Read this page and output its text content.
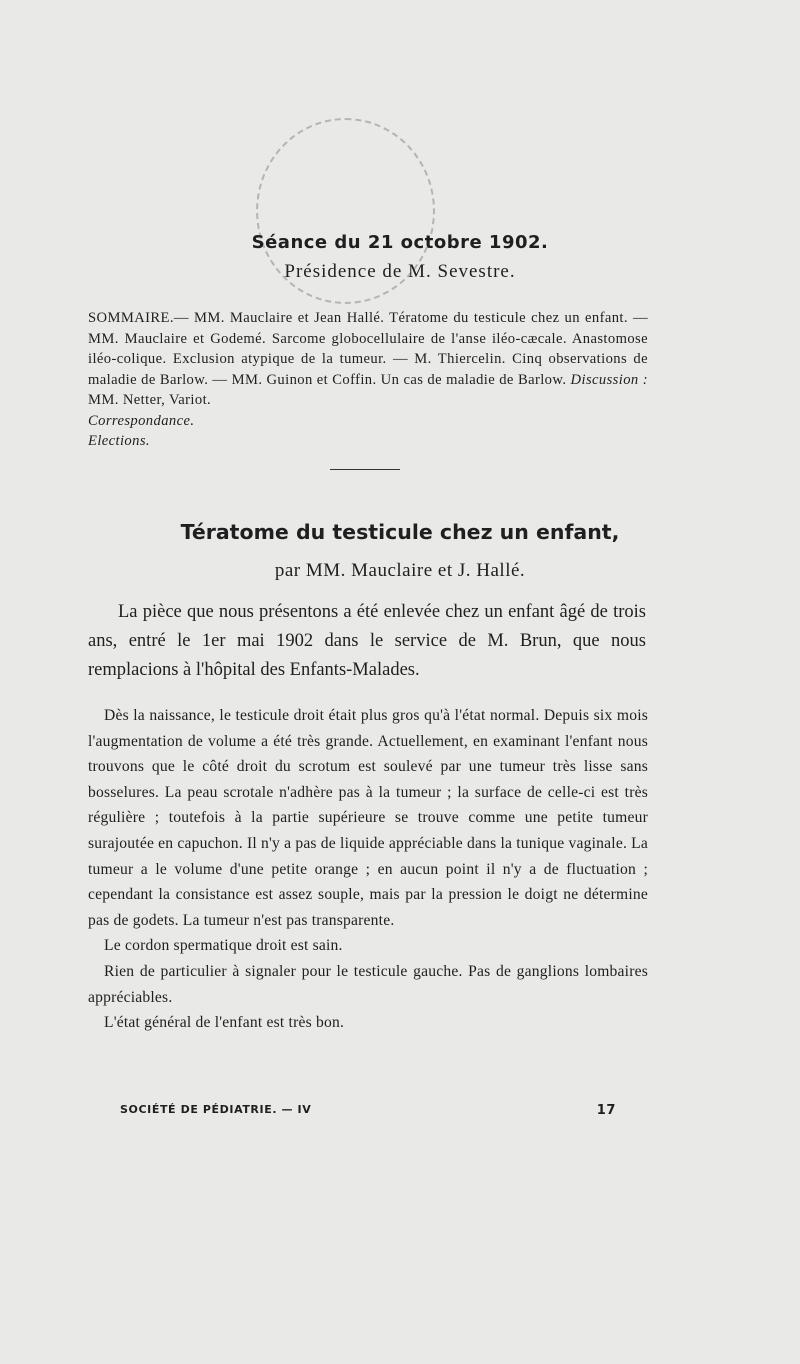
Séance du 21 octobre 1902.
Présidence de M. Sevestre.
SOMMAIRE.— MM. Mauclaire et Jean Hallé. Tératome du testicule chez un enfant. — MM. Mauclaire et Godemé. Sarcome globocellulaire de l'anse iléo-cæcale. Anastomose iléo-colique. Exclusion atypique de la tumeur. — M. Thiercelin. Cinq observations de maladie de Barlow. — MM. Guinon et Coffin. Un cas de maladie de Barlow. Discussion : MM. Netter, Variot.
Correspondance.
Elections.
Tératome du testicule chez un enfant,
par MM. Mauclaire et J. Hallé.

La pièce que nous présentons a été enlevée chez un enfant âgé de trois ans, entré le 1er mai 1902 dans le service de M. Brun, que nous remplacions à l'hôpital des Enfants-Malades.

Dès la naissance, le testicule droit était plus gros qu'à l'état normal. Depuis six mois l'augmentation de volume a été très grande. Actuellement, en examinant l'enfant nous trouvons que le côté droit du scrotum est soulevé par une tumeur très lisse sans bosselures. La peau scrotale n'adhère pas à la tumeur ; la surface de celle-ci est très régulière ; toutefois à la partie supérieure se trouve comme une petite tumeur surajoutée en capuchon. Il n'y a pas de liquide appréciable dans la tunique vaginale. La tumeur a le volume d'une petite orange ; en aucun point il n'y a de fluctuation ; cependant la consistance est assez souple, mais par la pression le doigt ne détermine pas de godets. La tumeur n'est pas transparente.

Le cordon spermatique droit est sain.

Rien de particulier à signaler pour le testicule gauche. Pas de ganglions lombaires appréciables.

L'état général de l'enfant est très bon.

SOCIÉTÉ DE PÉDIATRIE. — IV	17
